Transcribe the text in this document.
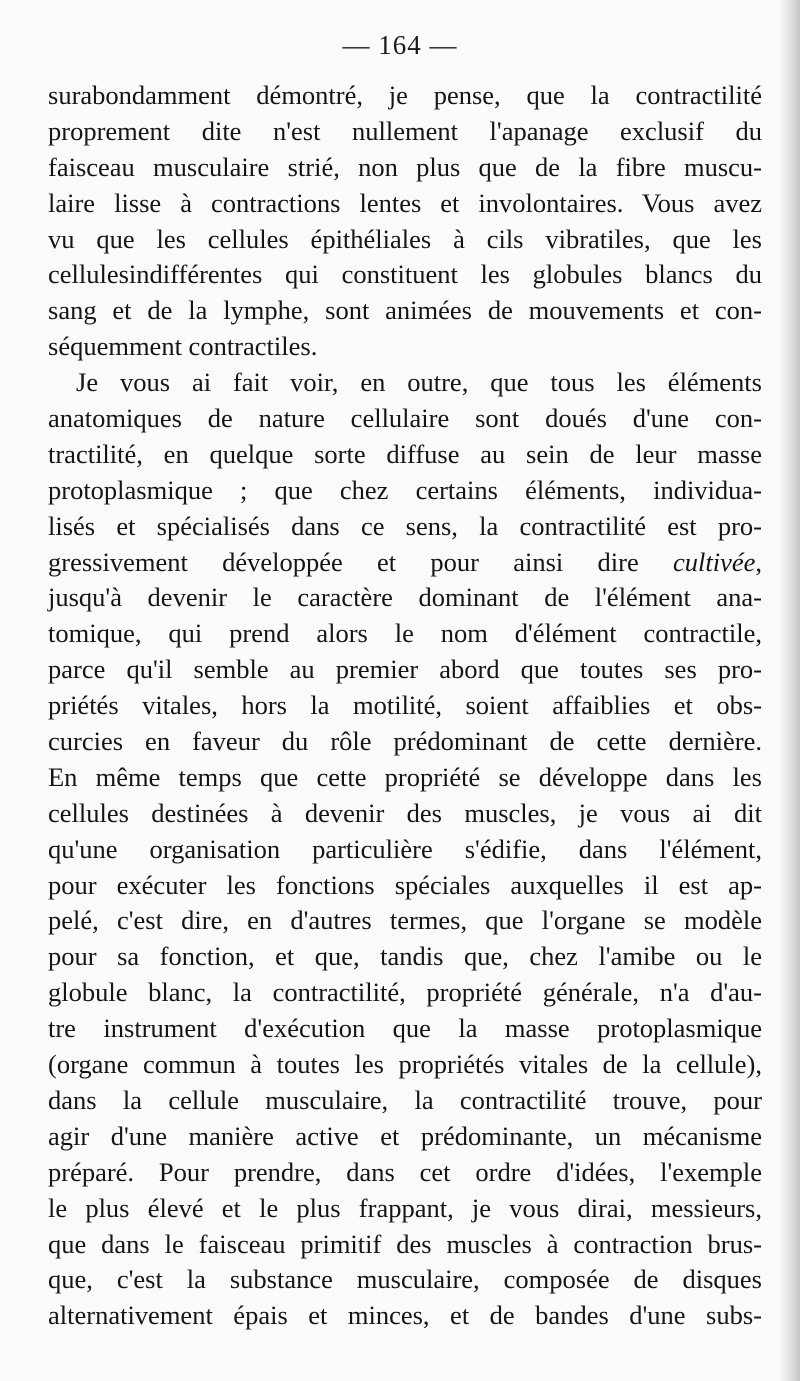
— 164 —
surabondamment démontré, je pense, que la contractilité
proprement dite n'est nullement l'apanage exclusif du
faisceau musculaire strié, non plus que de la fibre muscu-
laire lisse à contractions lentes et involontaires. Vous avez
vu que les cellules épithéliales à cils vibratiles, que les
cellulesindifférentes qui constituent les globules blancs du
sang et de la lymphe, sont animées de mouvements et con-
séquemment contractiles.
Je vous ai fait voir, en outre, que tous les éléments
anatomiques de nature cellulaire sont doués d'une con-
tractilité, en quelque sorte diffuse au sein de leur masse
protoplasmique ; que chez certains éléments, individua-
lisés et spécialisés dans ce sens, la contractilité est pro-
gressivement développée et pour ainsi dire cultivée,
jusqu'à devenir le caractère dominant de l'élément ana-
tomique, qui prend alors le nom d'élément contractile,
parce qu'il semble au premier abord que toutes ses pro-
priétés vitales, hors la motilité, soient affaiblies et obs-
curcies en faveur du rôle prédominant de cette dernière.
En même temps que cette propriété se développe dans les
cellules destinées à devenir des muscles, je vous ai dit
qu'une organisation particulière s'édifie, dans l'élément,
pour exécuter les fonctions spéciales auxquelles il est ap-
pelé, c'est dire, en d'autres termes, que l'organe se modèle
pour sa fonction, et que, tandis que, chez l'amibe ou le
globule blanc, la contractilité, propriété générale, n'a d'au-
tre instrument d'exécution que la masse protoplasmique
(organe commun à toutes les propriétés vitales de la cellule),
dans la cellule musculaire, la contractilité trouve, pour
agir d'une manière active et prédominante, un mécanisme
préparé. Pour prendre, dans cet ordre d'idées, l'exemple
le plus élevé et le plus frappant, je vous dirai, messieurs,
que dans le faisceau primitif des muscles à contraction brus-
que, c'est la substance musculaire, composée de disques
alternativement épais et minces, et de bandes d'une subs-
